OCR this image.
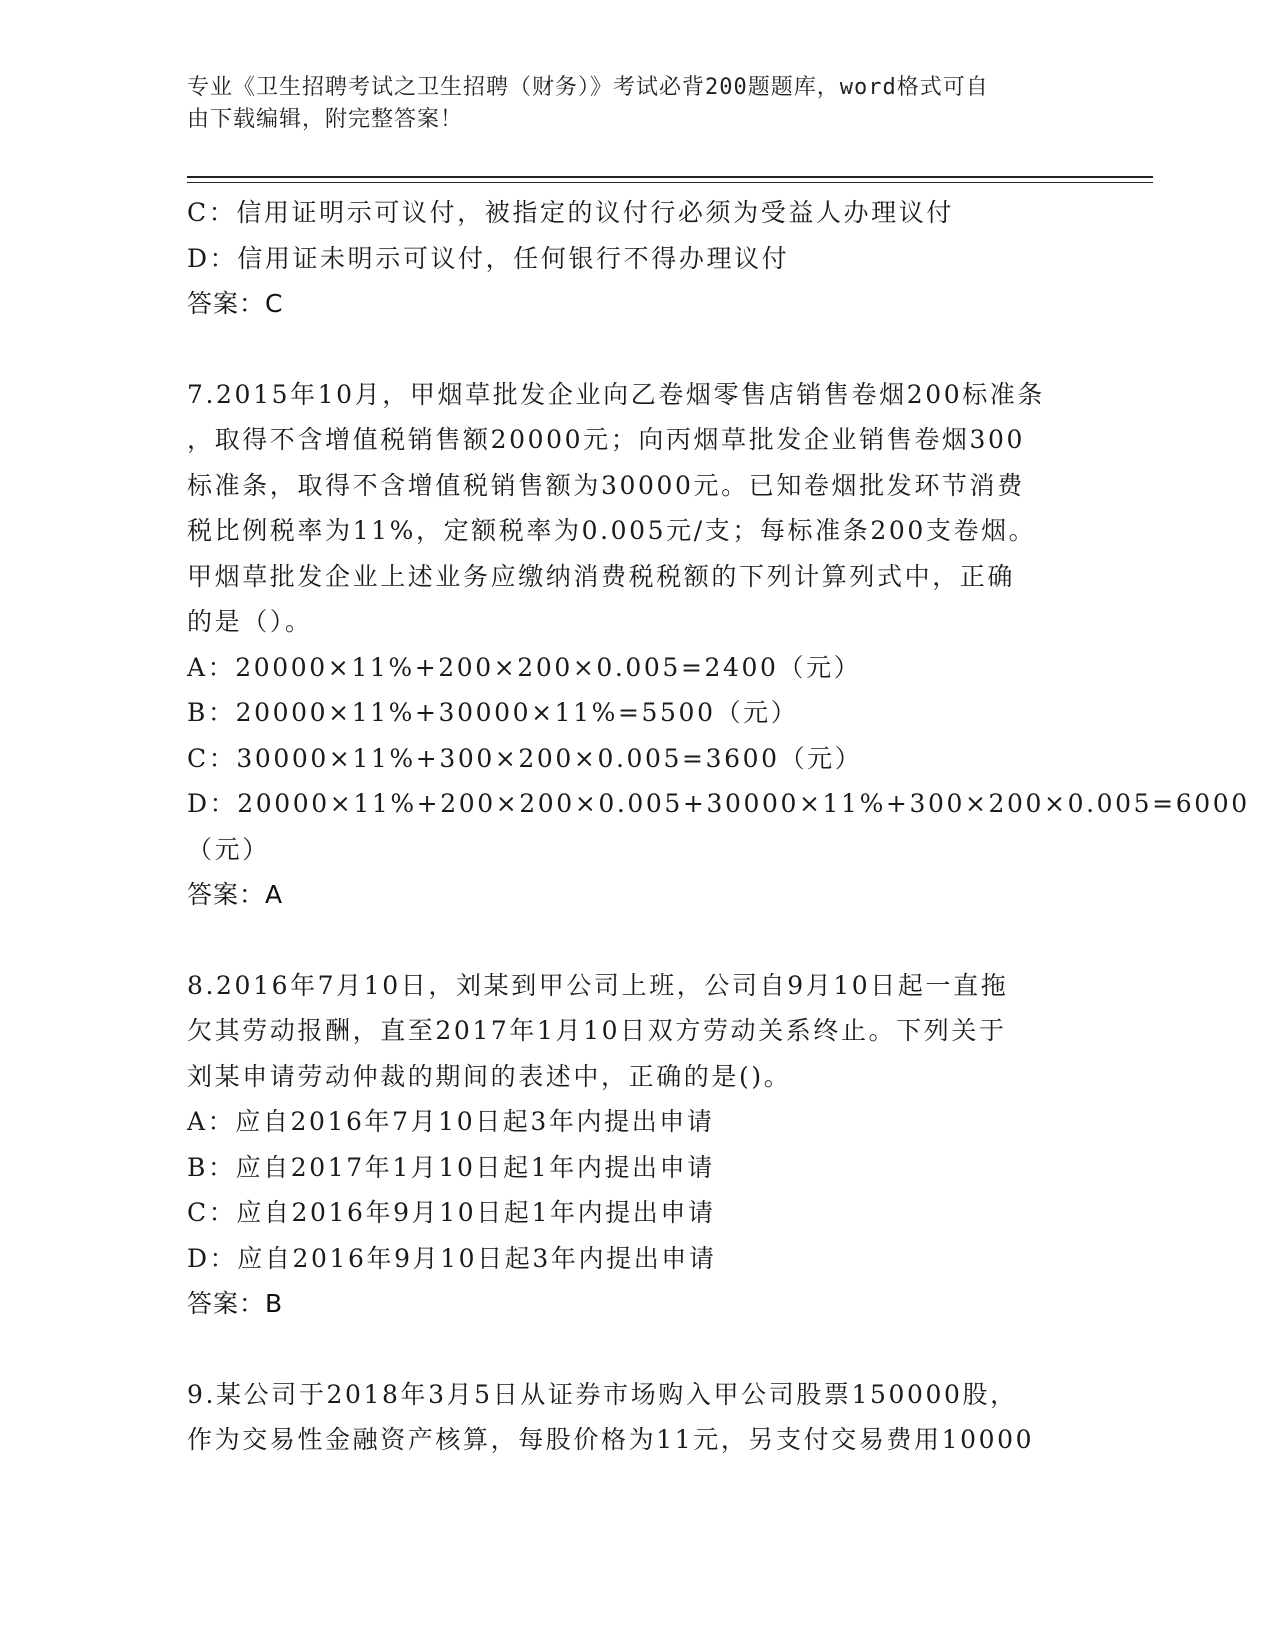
专业《卫生招聘考试之卫生招聘（财务）》考试必背200题题库，word格式可自
由下载编辑，附完整答案！
C：信用证明示可议付，被指定的议付行必须为受益人办理议付
D：信用证未明示可议付，任何银行不得办理议付
答案：C
7.2015年10月，甲烟草批发企业向乙卷烟零售店销售卷烟200标准条
，取得不含增值税销售额20000元；向丙烟草批发企业销售卷烟300
标准条，取得不含增值税销售额为30000元。已知卷烟批发环节消费
税比例税率为11%，定额税率为0.005元/支；每标准条200支卷烟。
甲烟草批发企业上述业务应缴纳消费税税额的下列计算列式中，正确
的是（）。
A：20000×11%+200×200×0.005=2400（元）
B：20000×11%+30000×11%=5500（元）
C：30000×11%+300×200×0.005=3600（元）
D：20000×11%+200×200×0.005+30000×11%+300×200×0.005=6000
（元）
答案：A
8.2016年7月10日，刘某到甲公司上班，公司自9月10日起一直拖
欠其劳动报酬，直至2017年1月10日双方劳动关系终止。下列关于
刘某申请劳动仲裁的期间的表述中，正确的是()。
A：应自2016年7月10日起3年内提出申请
B：应自2017年1月10日起1年内提出申请
C：应自2016年9月10日起1年内提出申请
D：应自2016年9月10日起3年内提出申请
答案：B
9.某公司于2018年3月5日从证券市场购入甲公司股票150000股，
作为交易性金融资产核算，每股价格为11元，另支付交易费用10000
